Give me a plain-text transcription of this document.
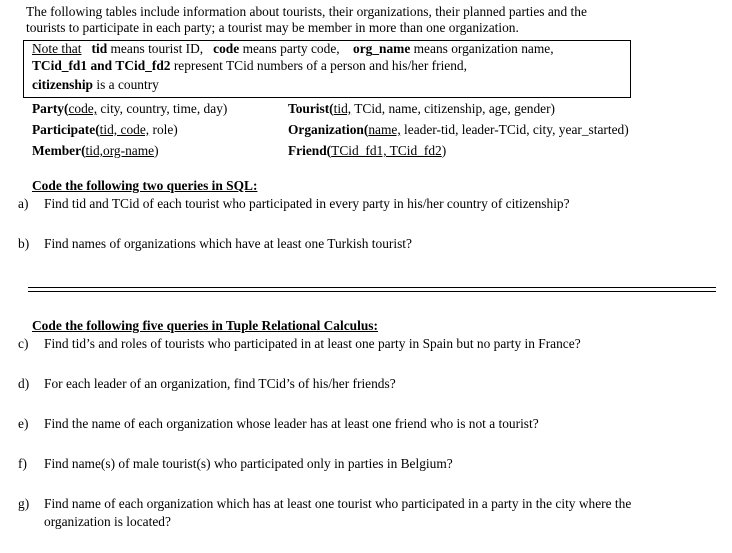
The following tables include information about tourists, their organizations, their planned parties and the
tourists to participate in each party; a tourist may be member in more than one organization.
Note that tid means tourist ID, code means party code, org_name means organization name,
TCid_fd1 and TCid_fd2 represent TCid numbers of a person and his/her friend,
citizenship is a country
Party(code, city, country, time, day)
Participate(tid, code, role)
Member(tid,org-name)
Tourist(tid, TCid, name, citizenship, age, gender)
Organization(name, leader-tid, leader-TCid, city, year_started)
Friend(TCid_fd1, TCid_fd2)
Code the following two queries in SQL:
a) Find tid and TCid of each tourist who participated in every party in his/her country of citizenship?
b) Find names of organizations which have at least one Turkish tourist?
Code the following five queries in Tuple Relational Calculus:
c) Find tid’s and roles of tourists who participated in at least one party in Spain but no party in France?
d) For each leader of an organization, find TCid’s of his/her friends?
e) Find the name of each organization whose leader has at least one friend who is not a tourist?
f) Find name(s) of male tourist(s) who participated only in parties in Belgium?
g) Find name of each organization which has at least one tourist who participated in a party in the city where the
organization is located?
